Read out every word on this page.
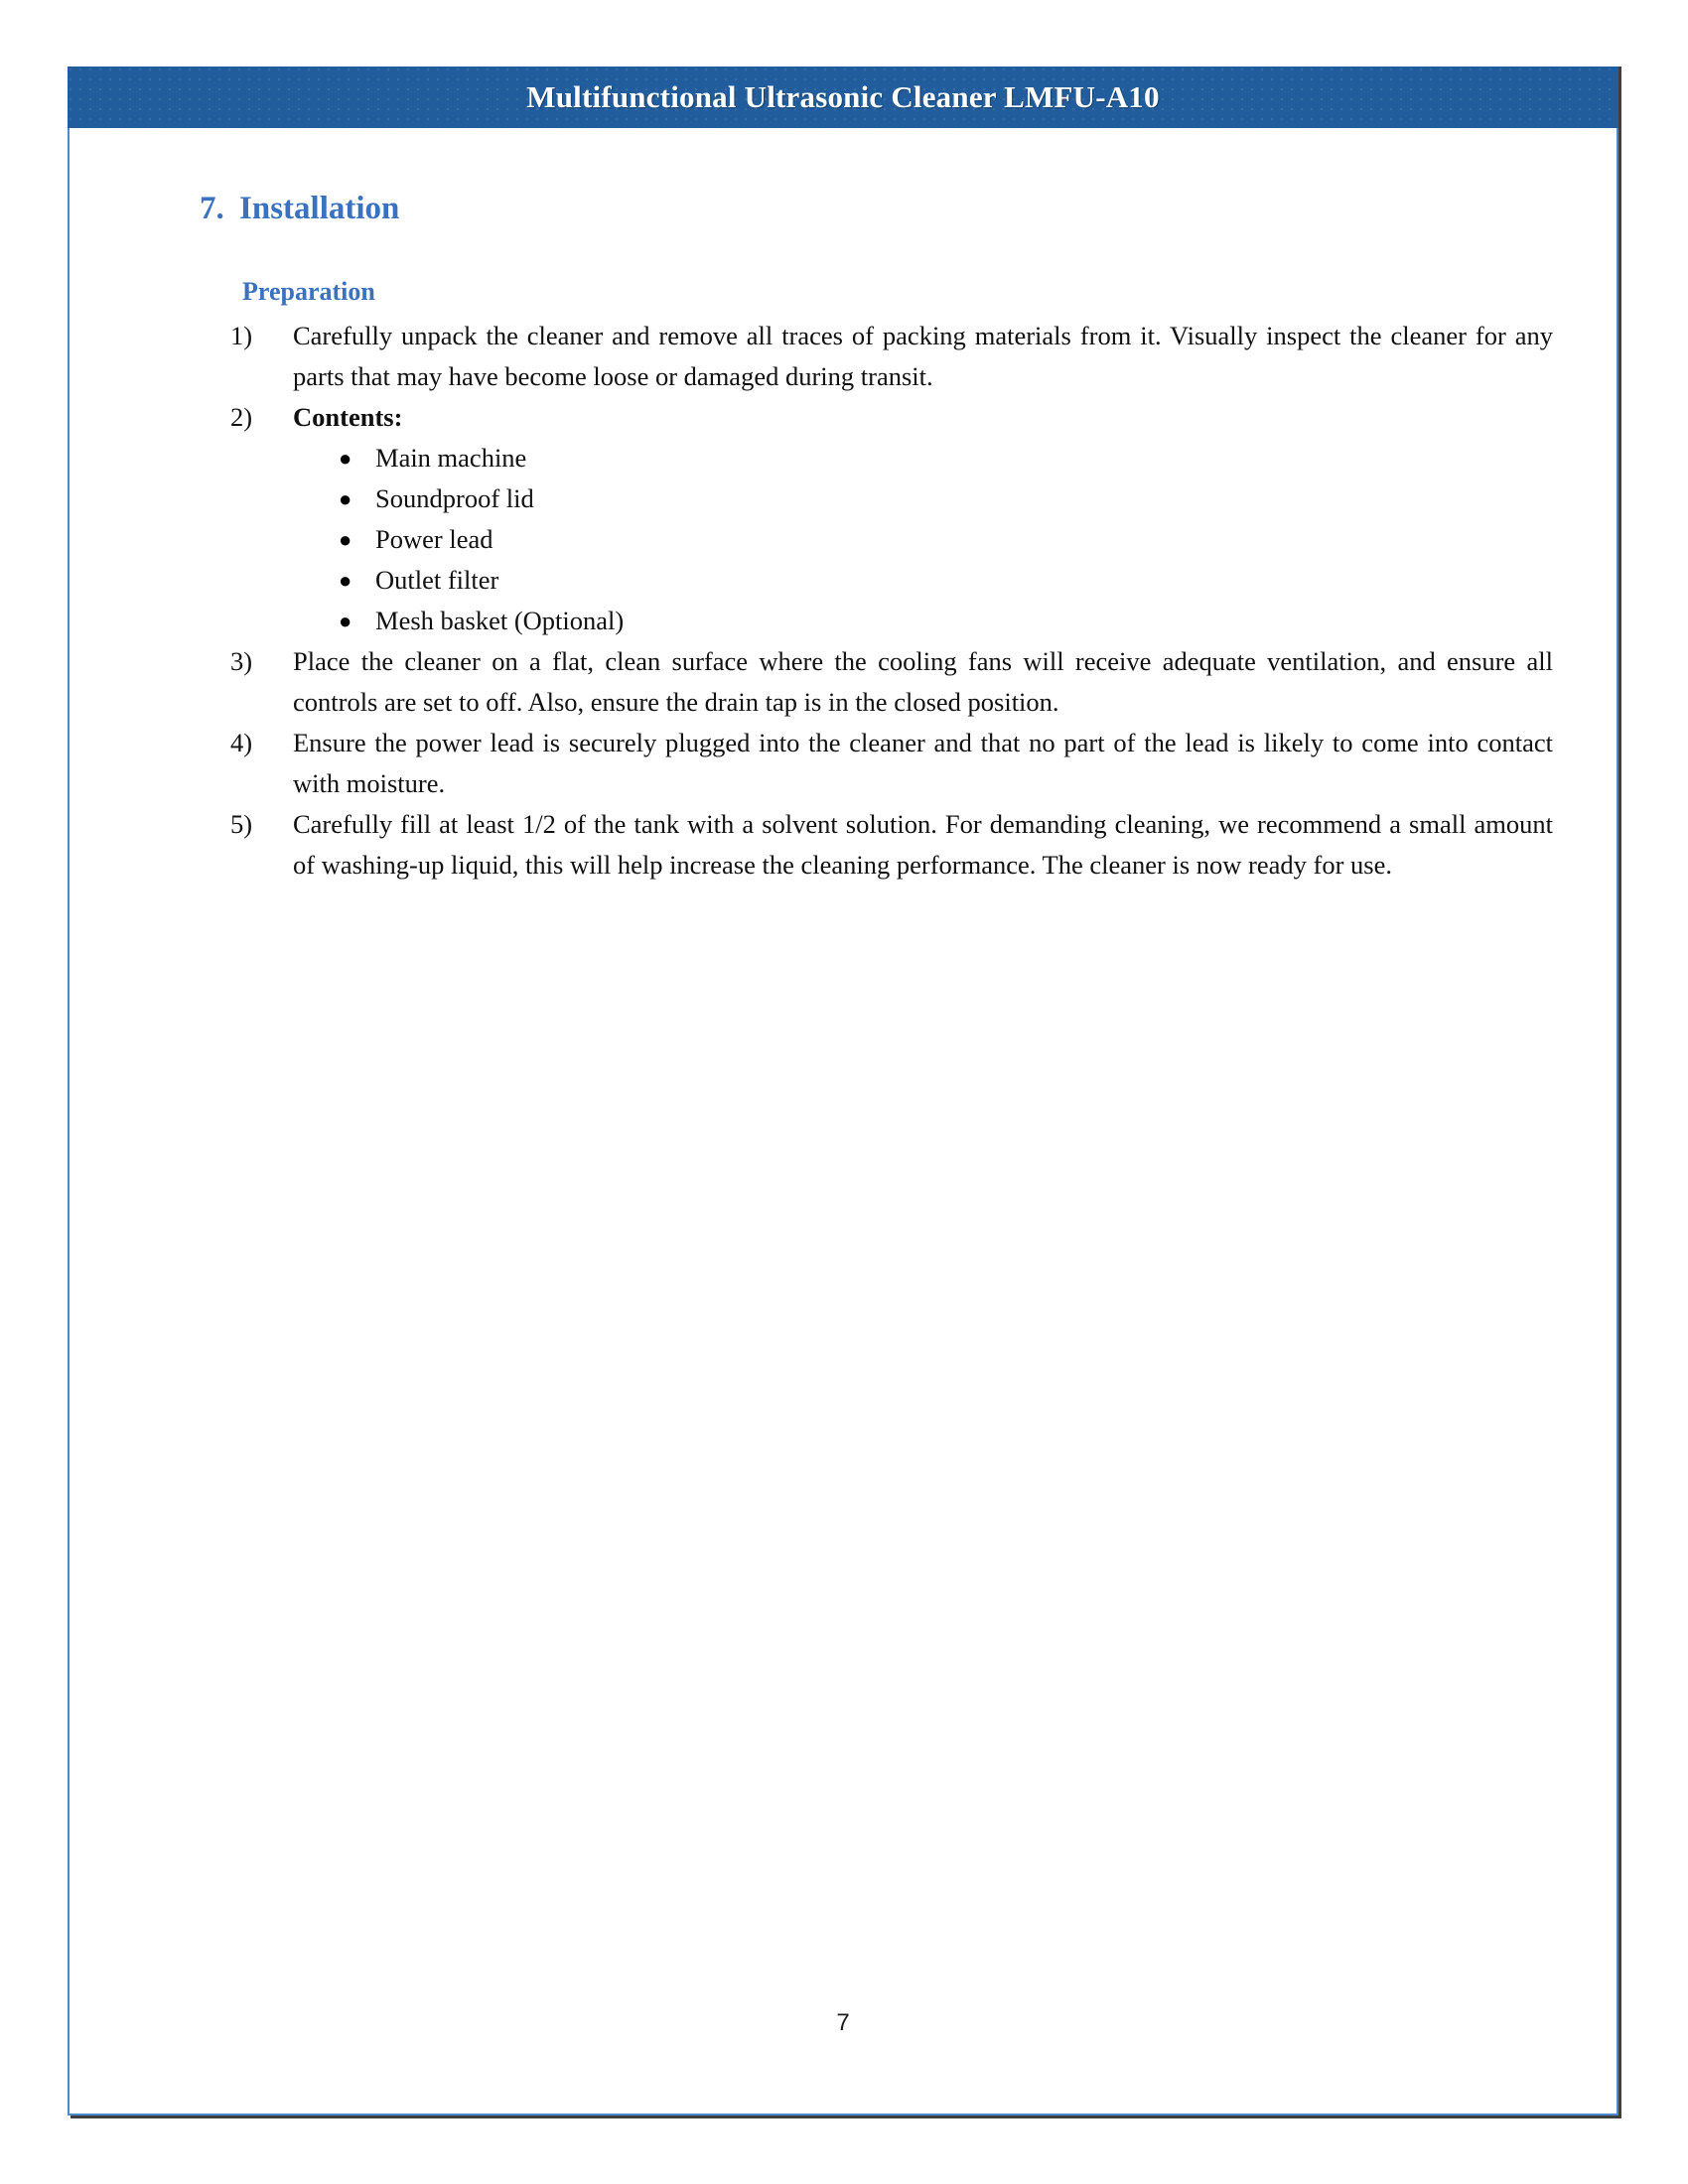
Multifunctional Ultrasonic Cleaner LMFU-A10
7. Installation
Preparation
1)	Carefully unpack the cleaner and remove all traces of packing materials from it. Visually inspect the cleaner for any parts that may have become loose or damaged during transit.
2)	Contents:
● Main machine
● Soundproof lid
● Power lead
● Outlet filter
● Mesh basket (Optional)
3)	Place the cleaner on a flat, clean surface where the cooling fans will receive adequate ventilation, and ensure all controls are set to off. Also, ensure the drain tap is in the closed position.
4)	Ensure the power lead is securely plugged into the cleaner and that no part of the lead is likely to come into contact with moisture.
5)	Carefully fill at least 1/2 of the tank with a solvent solution. For demanding cleaning, we recommend a small amount of washing-up liquid, this will help increase the cleaning performance. The cleaner is now ready for use.
7
